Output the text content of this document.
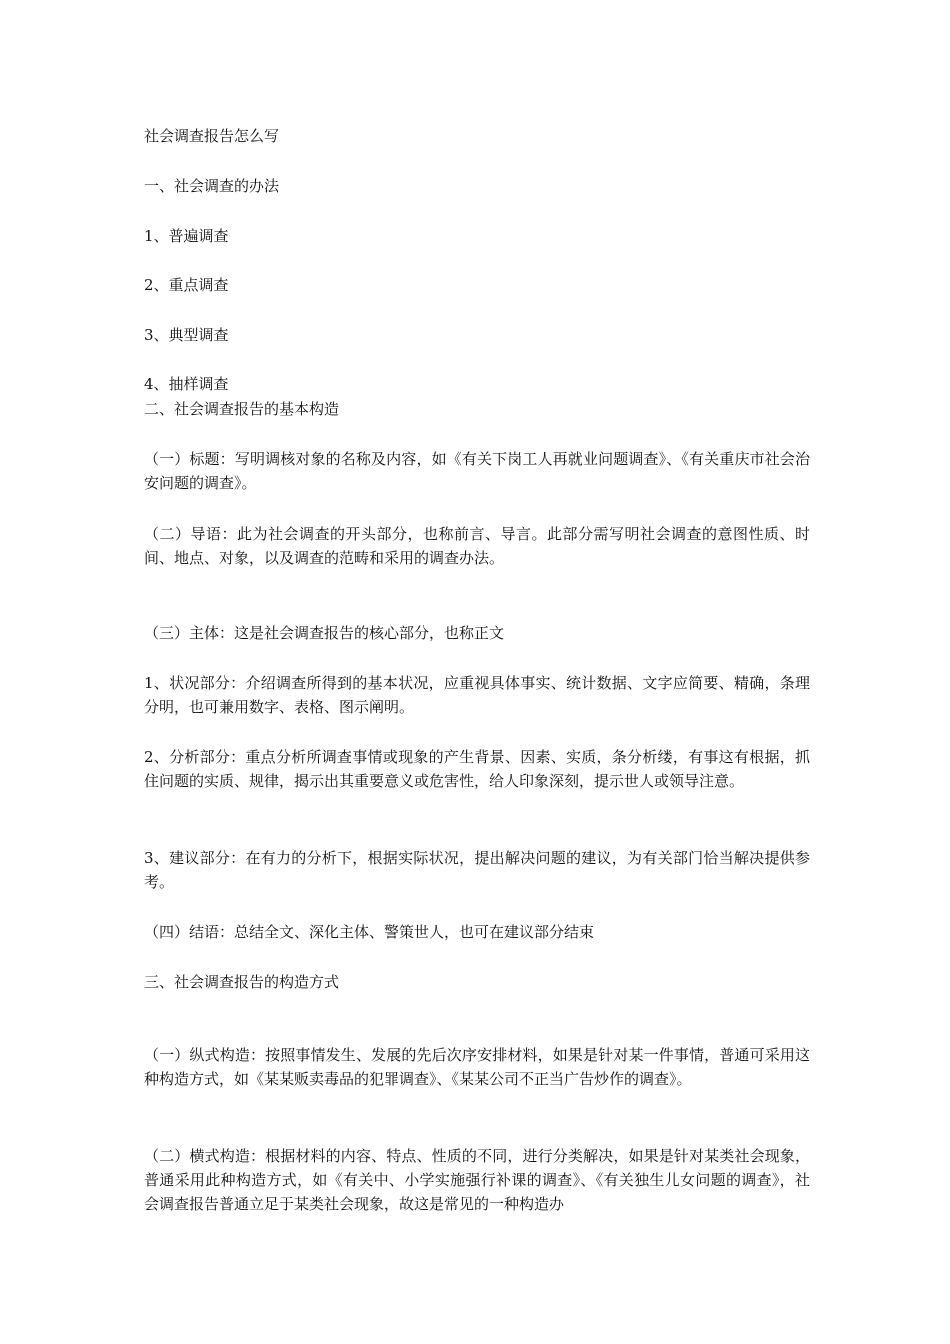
社会调查报告怎么写

一、社会调查的办法

1、普遍调查

2、重点调查

3、典型调查

4、抽样调查

二、社会调查报告的基本构造

（一）标题：写明调核对象的名称及内容，如《有关下岗工人再就业问题调查》、《有关重庆市社会治安问题的调查》。

（二）导语：此为社会调查的开头部分，也称前言、导言。此部分需写明社会调查的意图性质、时间、地点、对象，以及调查的范畴和采用的调查办法。

（三）主体：这是社会调查报告的核心部分，也称正文

1、状况部分：介绍调查所得到的基本状况，应重视具体事实、统计数据、文字应简要、精确，条理分明，也可兼用数字、表格、图示阐明。

2、分析部分：重点分析所调查事情或现象的产生背景、因素、实质，条分析缕，有事这有根据，抓住问题的实质、规律，揭示出其重要意义或危害性，给人印象深刻，提示世人或领导注意。

3、建议部分：在有力的分析下，根据实际状况，提出解决问题的建议，为有关部门恰当解决提供参考。

（四）结语：总结全文、深化主体、警策世人，也可在建议部分结束

三、社会调查报告的构造方式

（一）纵式构造：按照事情发生、发展的先后次序安排材料，如果是针对某一件事情，普通可采用这种构造方式，如《某某贩卖毒品的犯罪调查》、《某某公司不正当广告炒作的调查》。

（二）横式构造：根据材料的内容、特点、性质的不同，进行分类解决，如果是针对某类社会现象，普通采用此种构造方式，如《有关中、小学实施强行补课的调查》、《有关独生儿女问题的调查》，社会调查报告普通立足于某类社会现象，故这是常见的一种构造办
